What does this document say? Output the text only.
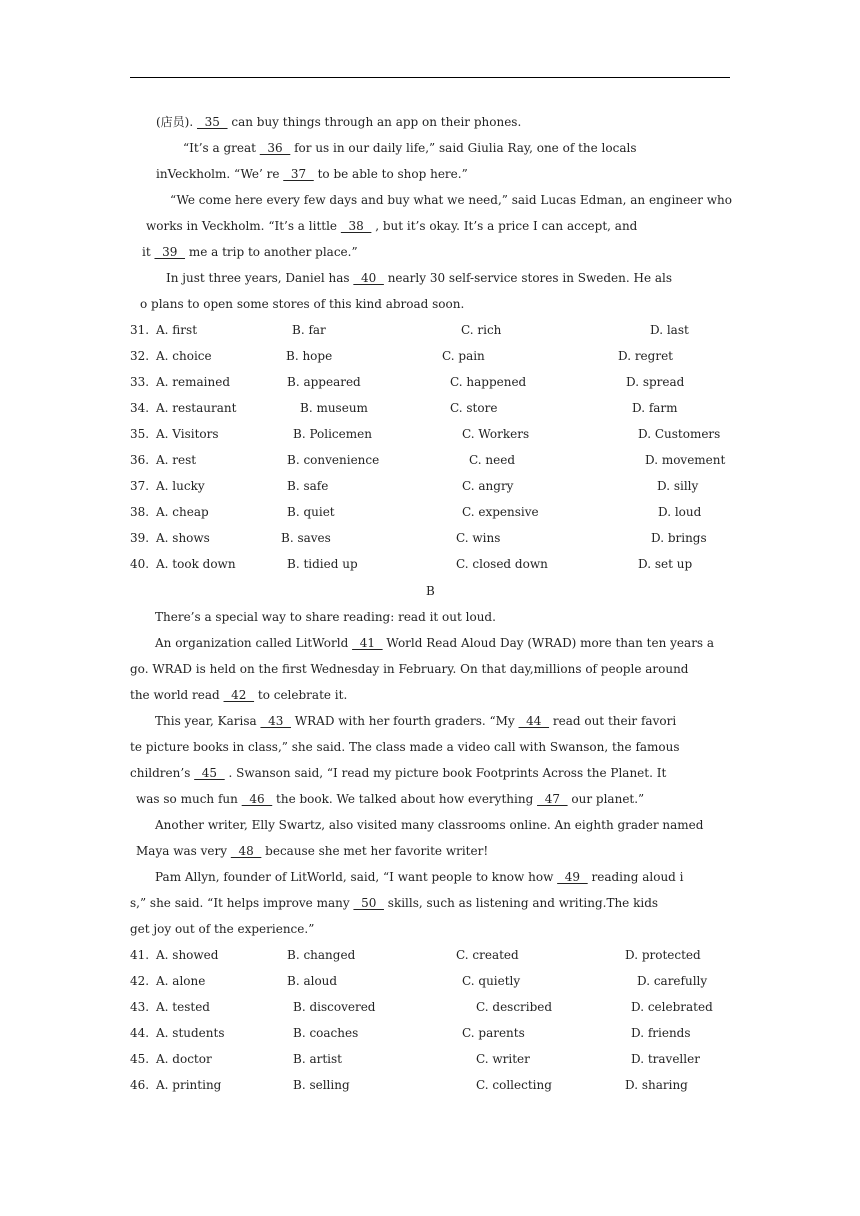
(店员).   35   can buy things through an app on their phones.
“It’s a great   36   for us in our daily life,” said Giulia Ray, one of the locals
inVeckholm. “We’ re   37   to be able to shop here.”
“We come here every few days and buy what we need,” said Lucas Edman, an engineer who
works in Veckholm. “It’s a little   38   , but it’s okay. It’s a price I can accept, and
it   39   me a trip to another place.”
In just three years, Daniel has   40   nearly 30 self-service stores in Sweden. He als
o plans to open some stores of this kind abroad soon.
31. A. first	B. far	C. rich	D. last
32. A. choice	B. hope	C. pain	D. regret
33. A. remained	B. appeared	C. happened	D. spread
34. A. restaurant	B. museum	C. store	D. farm
35. A. Visitors	B. Policemen	C. Workers	D. Customers
36. A. rest	B. convenience	C. need	D. movement
37. A. lucky	B. safe	C. angry	D. silly
38. A. cheap	B. quiet	C. expensive	D. loud
39. A. shows	B. saves	C. wins	D. brings
40. A. took down	B. tidied up	C. closed down	D. set up
B
There’s a special way to share reading: read it out loud.
An organization called LitWorld   41   World Read Aloud Day (WRAD) more than ten years a
go. WRAD is held on the first Wednesday in February. On that day,millions of people around
the world read   42   to celebrate it.
This year, Karisa   43   WRAD with her fourth graders. “My   44   read out their favori
te picture books in class,” she said. The class made a video call with Swanson, the famous
children’s   45   . Swanson said, “I read my picture book Footprints Across the Planet. It
was so much fun   46   the book. We talked about how everything   47   our planet.”
Another writer, Elly Swartz, also visited many classrooms online. An eighth grader named
Maya was very   48   because she met her favorite writer!
Pam Allyn, founder of LitWorld, said, “I want people to know how   49   reading aloud i
s,” she said. “It helps improve many   50   skills, such as listening and writing.The kids
get joy out of the experience.”
41. A. showed	B. changed	C. created	D. protected
42. A. alone	B. aloud	C. quietly	D. carefully
43. A. tested	B. discovered	C. described	D. celebrated
44. A. students	B. coaches	C. parents	D. friends
45. A. doctor	B. artist	C. writer	D. traveller
46. A. printing	B. selling	C. collecting	D. sharing
